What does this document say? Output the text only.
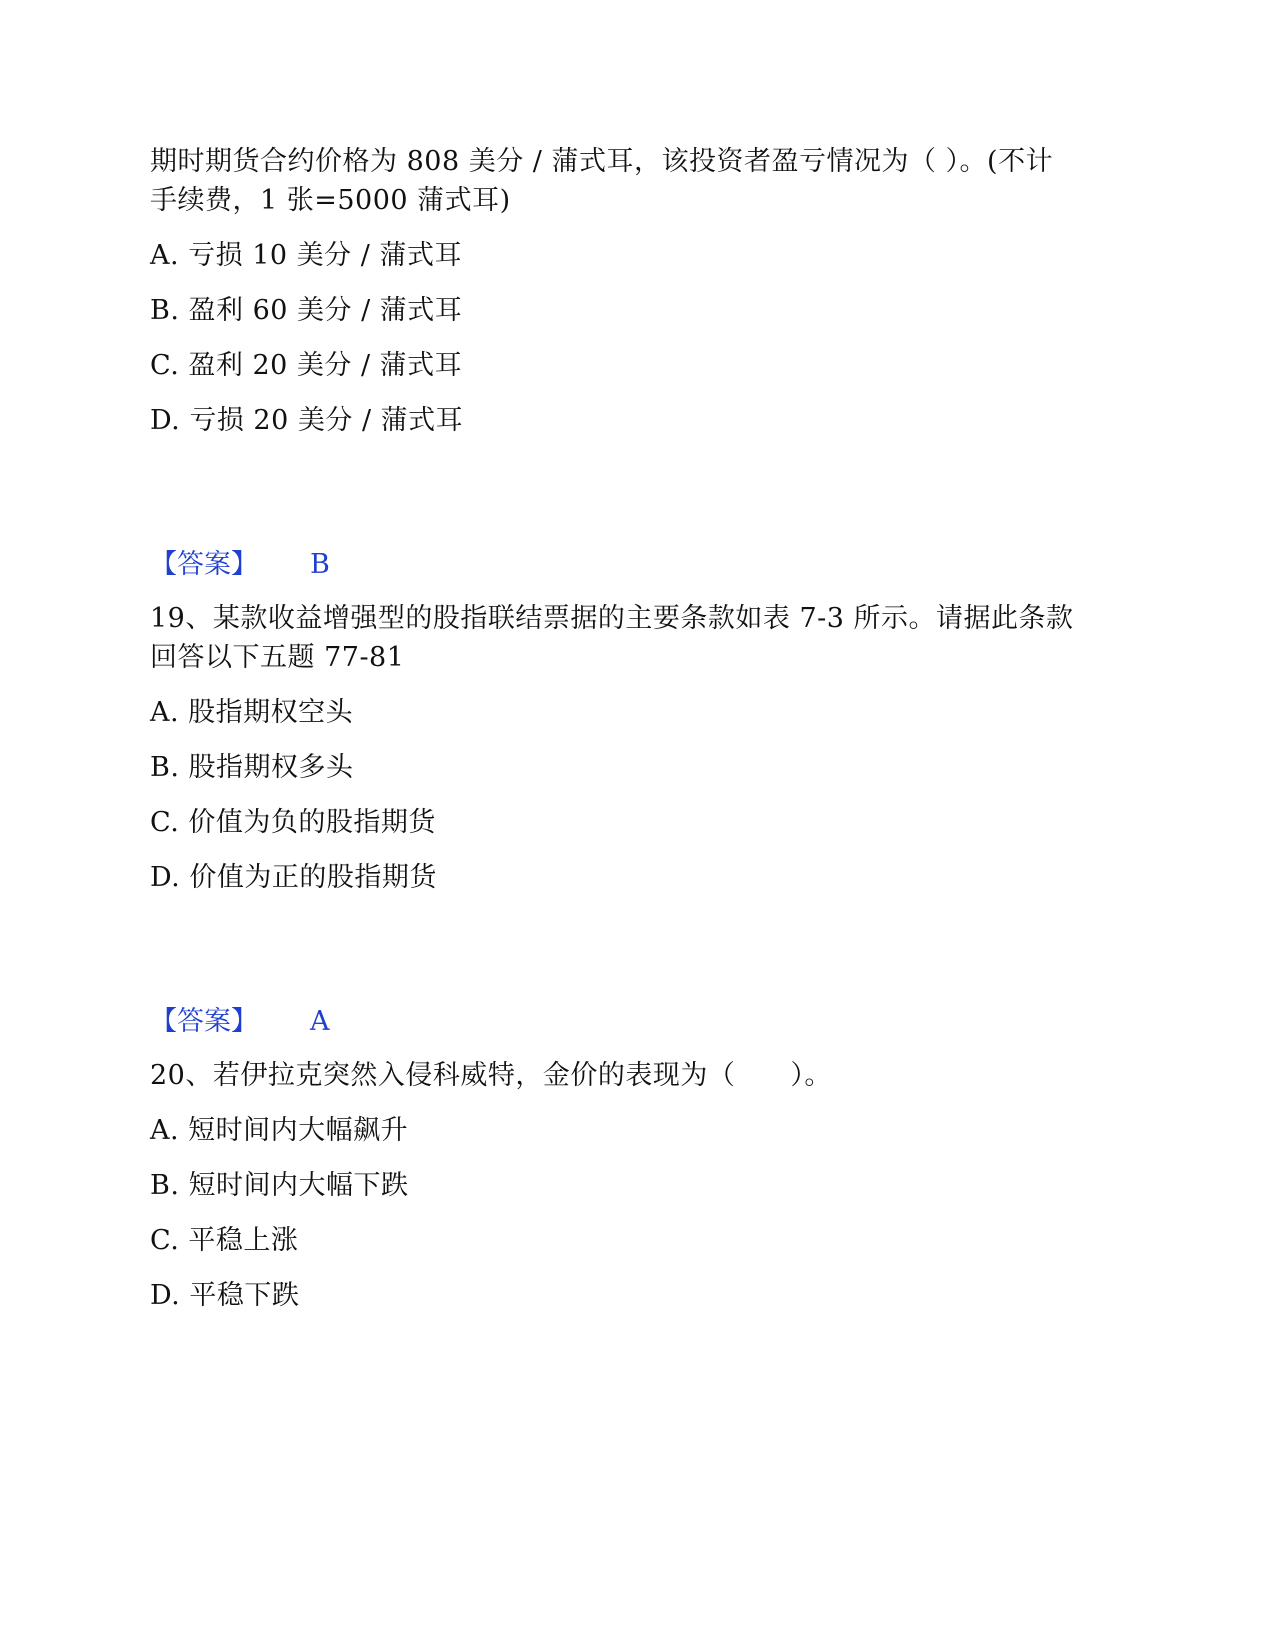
期时期货合约价格为 808 美分 / 蒲式耳，该投资者盈亏情况为（ ）。(不计
手续费，1 张=5000 蒲式耳)
A. 亏损 10 美分 / 蒲式耳
B. 盈利 60 美分 / 蒲式耳
C. 盈利 20 美分 / 蒲式耳
D. 亏损 20 美分 / 蒲式耳
【答案】 B
19、某款收益增强型的股指联结票据的主要条款如表 7-3 所示。请据此条款
回答以下五题 77-81
A. 股指期权空头
B. 股指期权多头
C. 价值为负的股指期货
D. 价值为正的股指期货
【答案】 A
20、若伊拉克突然入侵科威特，金价的表现为（　　）。
A. 短时间内大幅飙升
B. 短时间内大幅下跌
C. 平稳上涨
D. 平稳下跌
